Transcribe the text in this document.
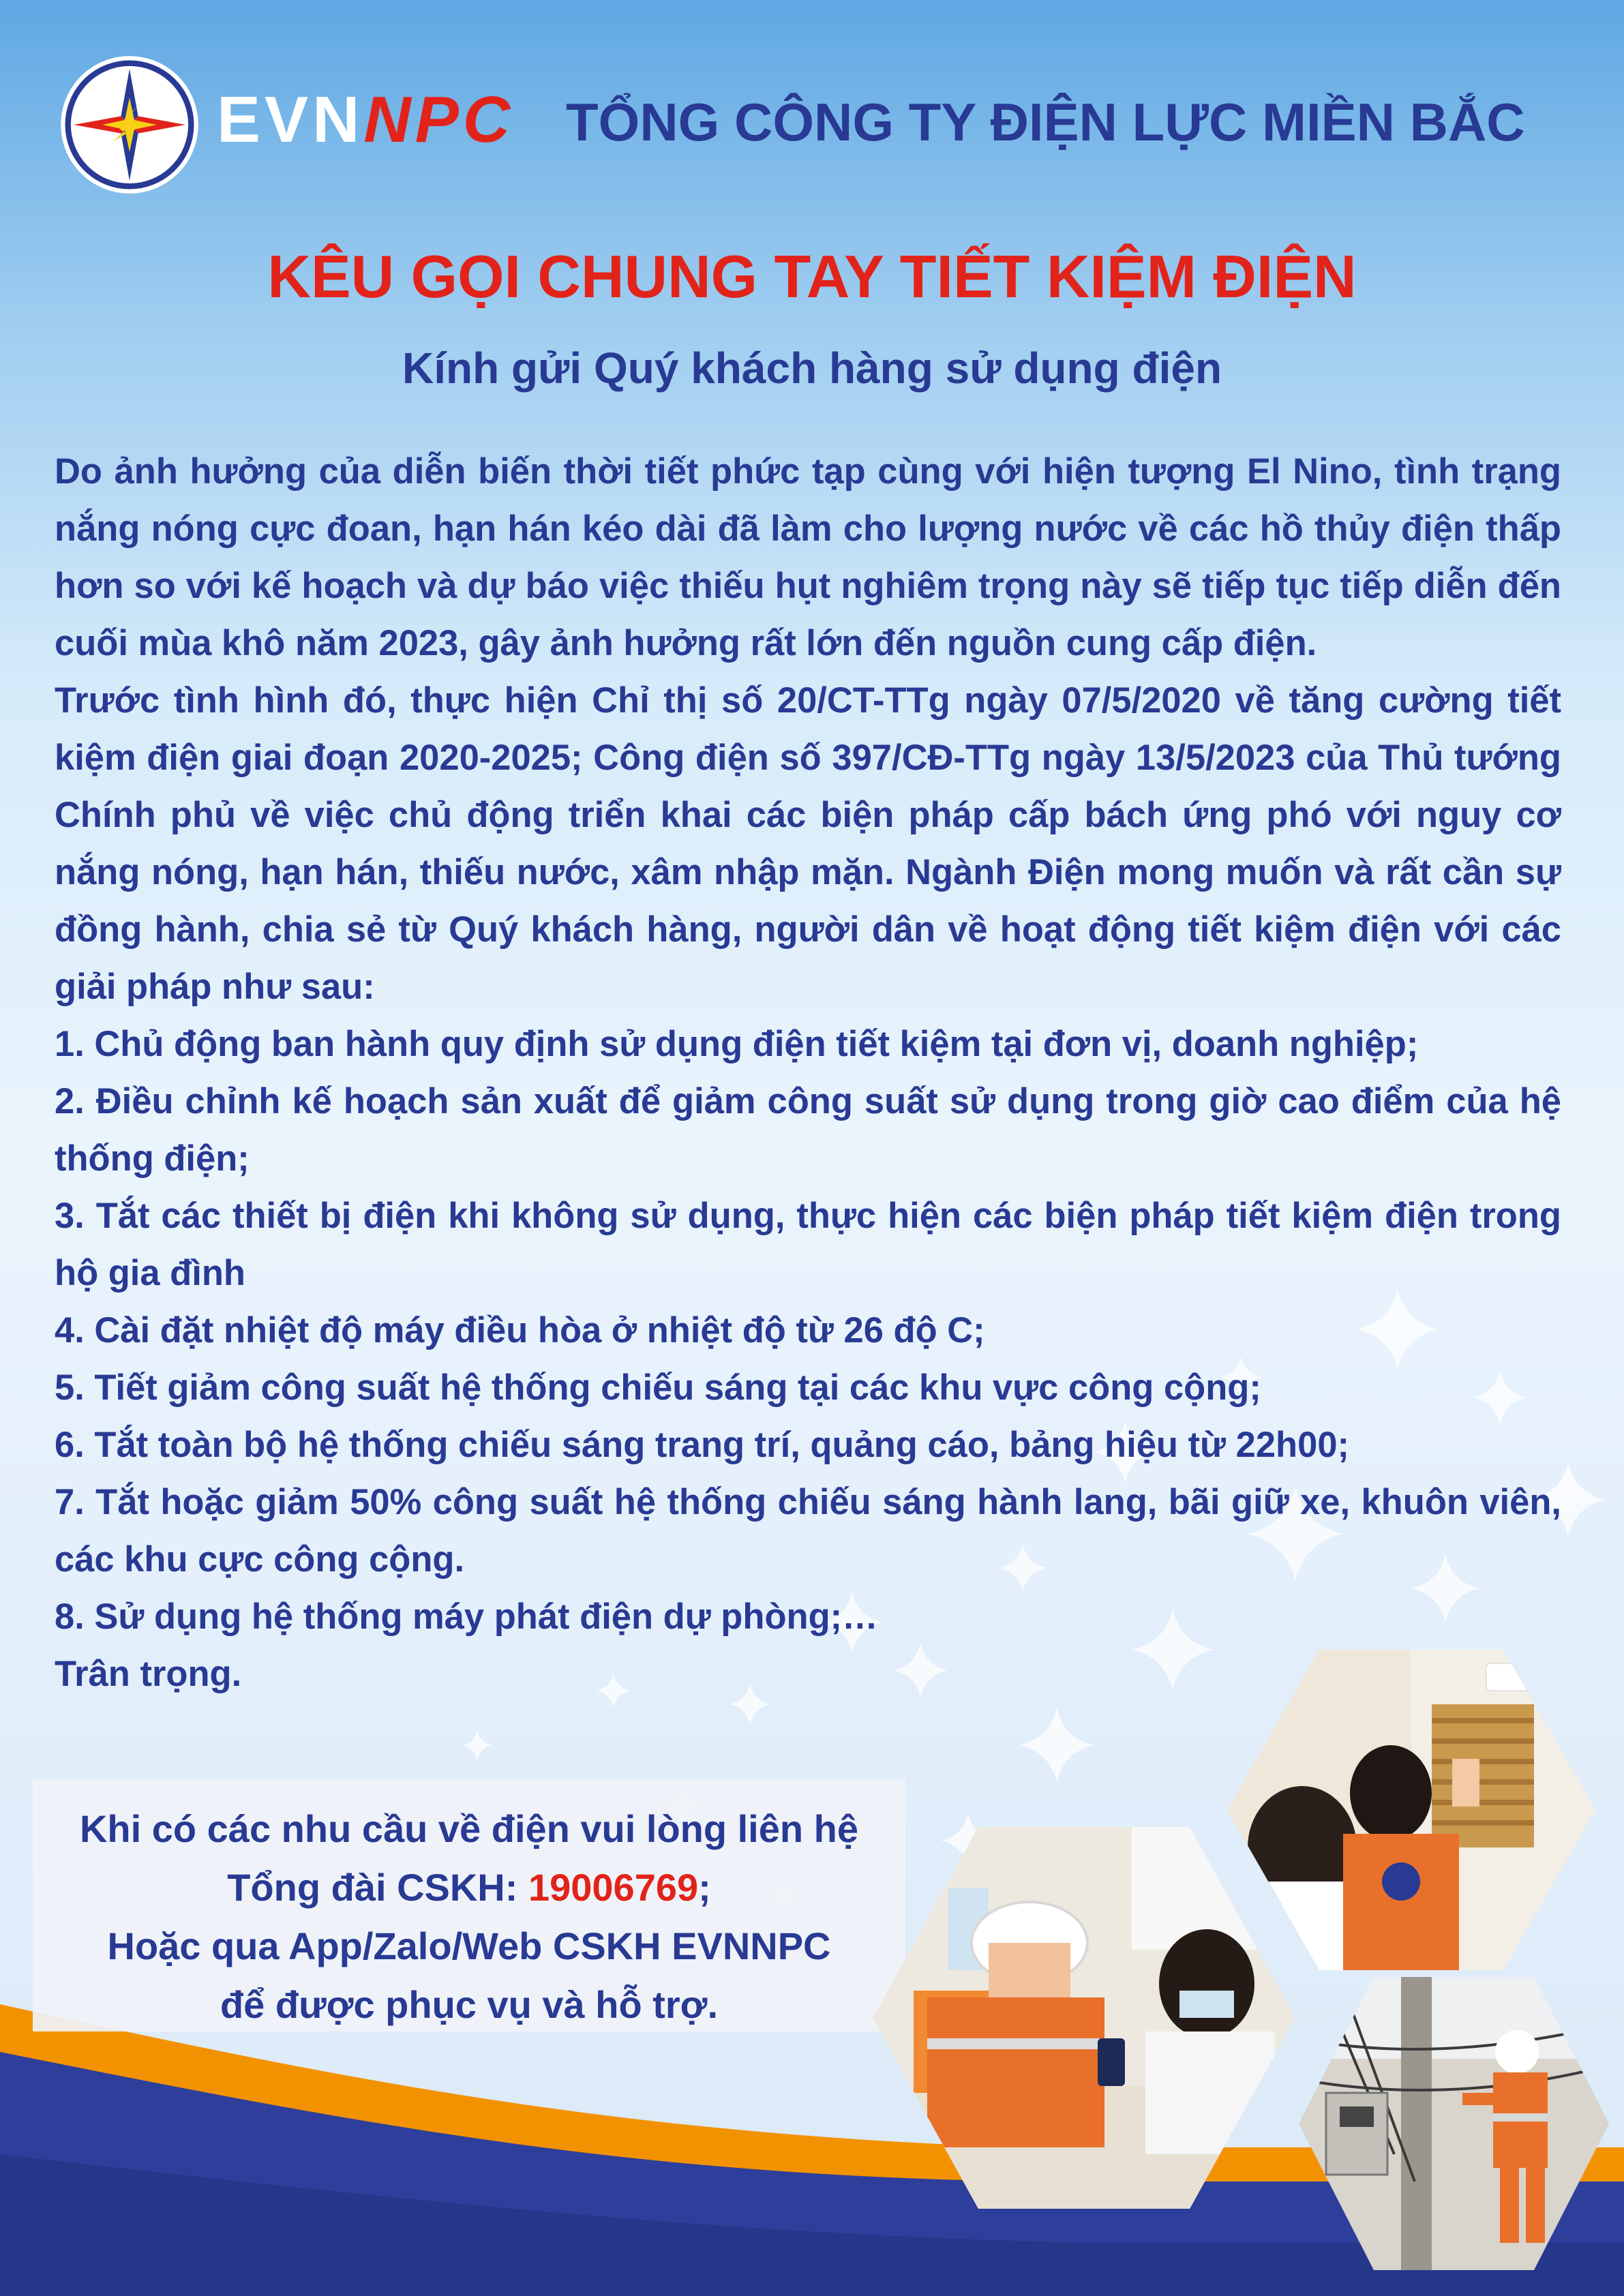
EVNNPC TỔNG CÔNG TY ĐIỆN LỰC MIỀN BẮC
KÊU GỌI CHUNG TAY TIẾT KIỆM ĐIỆN
Kính gửi Quý khách hàng sử dụng điện

Do ảnh hưởng của diễn biến thời tiết phức tạp cùng với hiện tượng El Nino, tình trạng nắng nóng cực đoan, hạn hán kéo dài đã làm cho lượng nước về các hồ thủy điện thấp hơn so với kế hoạch và dự báo việc thiếu hụt nghiêm trọng này sẽ tiếp tục tiếp diễn đến cuối mùa khô năm 2023, gây ảnh hưởng rất lớn đến nguồn cung cấp điện.

Trước tình hình đó, thực hiện Chỉ thị số 20/CT-TTg ngày 07/5/2020 về tăng cường tiết kiệm điện giai đoạn 2020-2025; Công điện số 397/CĐ-TTg ngày 13/5/2023 của Thủ tướng Chính phủ về việc chủ động triển khai các biện pháp cấp bách ứng phó với nguy cơ nắng nóng, hạn hán, thiếu nước, xâm nhập mặn. Ngành Điện mong muốn và rất cần sự đồng hành, chia sẻ từ Quý khách hàng, người dân về hoạt động tiết kiệm điện với các giải pháp như sau:

1. Chủ động ban hành quy định sử dụng điện tiết kiệm tại đơn vị, doanh nghiệp;

2. Điều chỉnh kế hoạch sản xuất để giảm công suất sử dụng trong giờ cao điểm của hệ thống điện;

3. Tắt các thiết bị điện khi không sử dụng, thực hiện các biện pháp tiết kiệm điện trong hộ gia đình

4. Cài đặt nhiệt độ máy điều hòa ở nhiệt độ từ 26 độ C;

5. Tiết giảm công suất hệ thống chiếu sáng tại các khu vực công cộng;

6. Tắt toàn bộ hệ thống chiếu sáng trang trí, quảng cáo, bảng hiệu từ 22h00;

7. Tắt hoặc giảm 50% công suất hệ thống chiếu sáng hành lang, bãi giữ xe, khuôn viên, các khu cực công cộng.

8. Sử dụng hệ thống máy phát điện dự phòng;…

Trân trọng.

Khi có các nhu cầu về điện vui lòng liên hệ
Tổng đài CSKH: 19006769;
Hoặc qua App/Zalo/Web CSKH EVNNPC
để được phục vụ và hỗ trợ.
